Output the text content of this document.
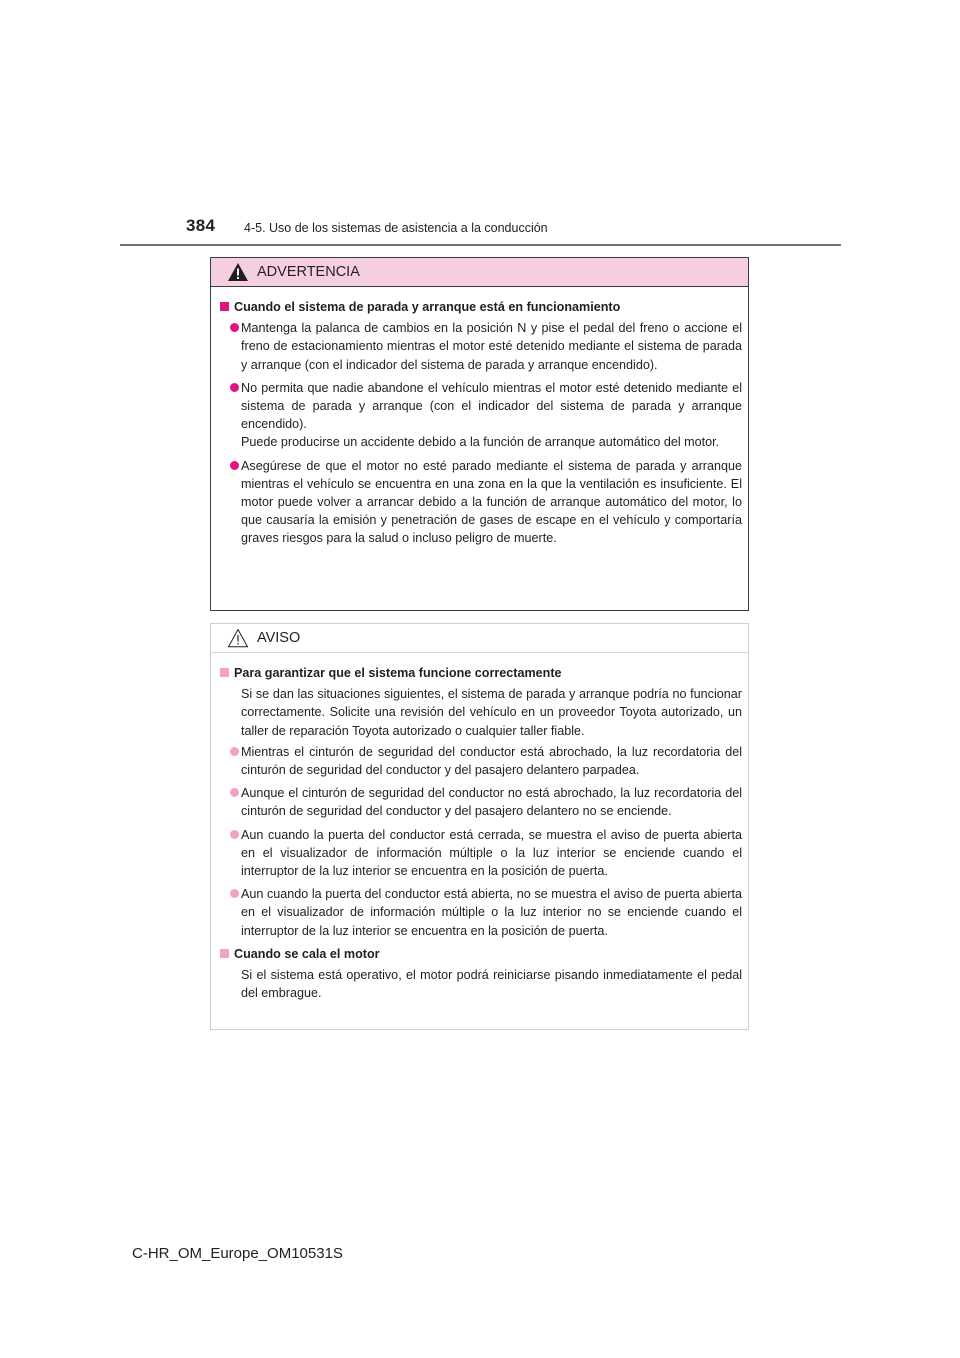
384 4-5. Uso de los sistemas de asistencia a la conducción
ADVERTENCIA
Cuando el sistema de parada y arranque está en funcionamiento

Mantenga la palanca de cambios en la posición N y pise el pedal del freno o accione el freno de estacionamiento mientras el motor esté detenido mediante el sistema de parada y arranque (con el indicador del sistema de parada y arranque encendido).

No permita que nadie abandone el vehículo mientras el motor esté detenido mediante el sistema de parada y arranque (con el indicador del sistema de parada y arranque encendido).

Puede producirse un accidente debido a la función de arranque automático del motor.

Asegúrese de que el motor no esté parado mediante el sistema de parada y arranque mientras el vehículo se encuentra en una zona en la que la ventilación es insuficiente. El motor puede volver a arrancar debido a la función de arranque automático del motor, lo que causaría la emisión y penetración de gases de escape en el vehículo y comportaría graves riesgos para la salud o incluso peligro de muerte.

AVISO
Para garantizar que el sistema funcione correctamente
Si se dan las situaciones siguientes, el sistema de parada y arranque podría no funcionar correctamente. Solicite una revisión del vehículo en un proveedor Toyota autorizado, un taller de reparación Toyota autorizado o cualquier taller fiable.
Mientras el cinturón de seguridad del conductor está abrochado, la luz recordatoria del cinturón de seguridad del conductor y del pasajero delantero parpadea.
Aunque el cinturón de seguridad del conductor no está abrochado, la luz recordatoria del cinturón de seguridad del conductor y del pasajero delantero no se enciende.
Aun cuando la puerta del conductor está cerrada, se muestra el aviso de puerta abierta en el visualizador de información múltiple o la luz interior se enciende cuando el interruptor de la luz interior se encuentra en la posición de puerta.
Aun cuando la puerta del conductor está abierta, no se muestra el aviso de puerta abierta en el visualizador de información múltiple o la luz interior no se enciende cuando el interruptor de la luz interior se encuentra en la posición de puerta.
Cuando se cala el motor
Si el sistema está operativo, el motor podrá reiniciarse pisando inmediatamente el pedal del embrague.
C-HR_OM_Europe_OM10531S
